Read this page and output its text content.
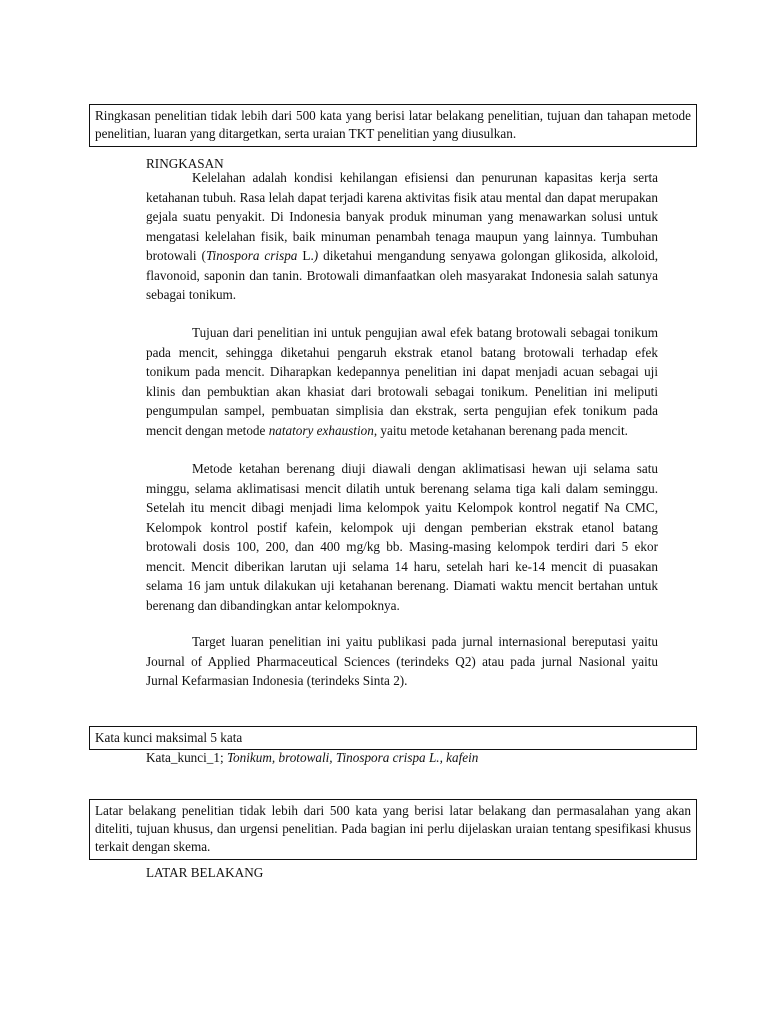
Ringkasan penelitian tidak lebih dari 500 kata yang berisi latar belakang penelitian, tujuan dan tahapan metode penelitian, luaran yang ditargetkan, serta uraian TKT penelitian yang diusulkan.
RINGKASAN

Kelelahan adalah kondisi kehilangan efisiensi dan penurunan kapasitas kerja serta ketahanan tubuh. Rasa lelah dapat terjadi karena aktivitas fisik atau mental dan dapat merupakan gejala suatu penyakit. Di Indonesia banyak produk minuman yang menawarkan solusi untuk mengatasi kelelahan fisik, baik minuman penambah tenaga maupun yang lainnya. Tumbuhan brotowali (Tinospora crispa L.) diketahui mengandung senyawa golongan glikosida, alkoloid, flavonoid, saponin dan tanin. Brotowali dimanfaatkan oleh masyarakat Indonesia salah satunya sebagai tonikum.

Tujuan dari penelitian ini untuk pengujian awal efek batang brotowali sebagai tonikum pada mencit, sehingga diketahui pengaruh ekstrak etanol batang brotowali terhadap efek tonikum pada mencit. Diharapkan kedepannya penelitian ini dapat menjadi acuan sebagai uji klinis dan pembuktian akan khasiat dari brotowali sebagai tonikum. Penelitian ini meliputi pengumpulan sampel, pembuatan simplisia dan ekstrak, serta pengujian efek tonikum pada mencit dengan metode natatory exhaustion, yaitu metode ketahanan berenang pada mencit.

Metode ketahan berenang diuji diawali dengan aklimatisasi hewan uji selama satu minggu, selama aklimatisasi mencit dilatih untuk berenang selama tiga kali dalam seminggu. Setelah itu mencit dibagi menjadi lima kelompok yaitu Kelompok kontrol negatif Na CMC, Kelompok kontrol postif kafein, kelompok uji dengan pemberian ekstrak etanol batang brotowali dosis 100, 200, dan 400 mg/kg bb. Masing-masing kelompok terdiri dari 5 ekor mencit. Mencit diberikan larutan uji selama 14 haru, setelah hari ke-14 mencit di puasakan selama 16 jam untuk dilakukan uji ketahanan berenang. Diamati waktu mencit bertahan untuk berenang dan dibandingkan antar kelompoknya.

Target luaran penelitian ini yaitu publikasi pada jurnal internasional bereputasi yaitu Journal of Applied Pharmaceutical Sciences (terindeks Q2) atau pada jurnal Nasional yaitu Jurnal Kefarmasian Indonesia (terindeks Sinta 2).

Kata kunci maksimal 5 kata
Kata_kunci_1; Tonikum, brotowali, Tinospora crispa L., kafein
Latar belakang penelitian tidak lebih dari 500 kata yang berisi latar belakang dan permasalahan yang akan diteliti, tujuan khusus, dan urgensi penelitian. Pada bagian ini perlu dijelaskan uraian tentang spesifikasi khusus terkait dengan skema.
LATAR BELAKANG
